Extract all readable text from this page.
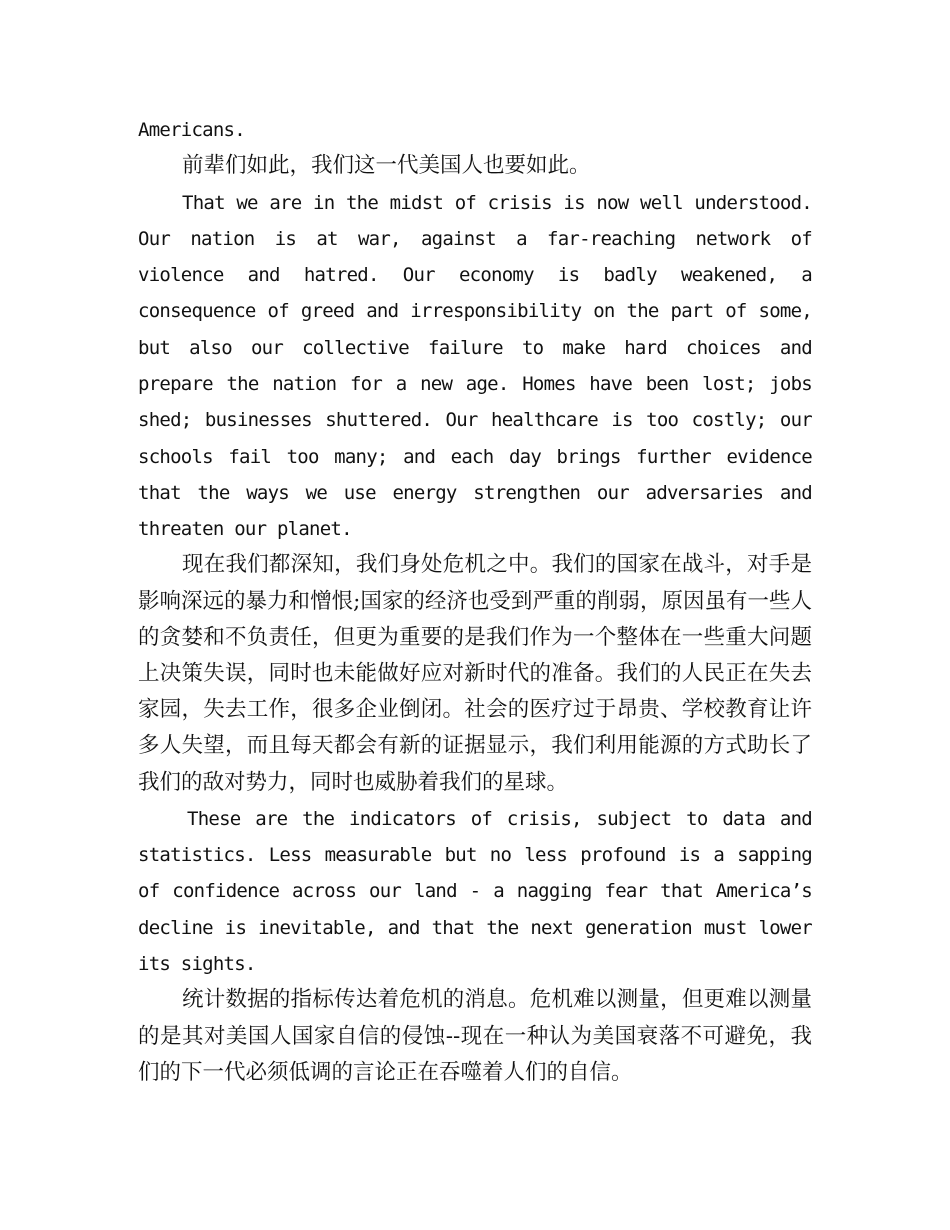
Americans.

前辈们如此，我们这一代美国人也要如此。

That we are in the midst of crisis is now well understood. Our nation is at war, against a far-reaching network of violence and hatred. Our economy is badly weakened, a consequence of greed and irresponsibility on the part of some, but also our collective failure to make hard choices and prepare the nation for a new age. Homes have been lost; jobs shed; businesses shuttered. Our healthcare is too costly; our schools fail too many; and each day brings further evidence that the ways we use energy strengthen our adversaries and threaten our planet.

现在我们都深知，我们身处危机之中。我们的国家在战斗，对手是影响深远的暴力和憎恨;国家的经济也受到严重的削弱，原因虽有一些人的贪婪和不负责任，但更为重要的是我们作为一个整体在一些重大问题上决策失误，同时也未能做好应对新时代的准备。我们的人民正在失去家园，失去工作，很多企业倒闭。社会的医疗过于昂贵、学校教育让许多人失望，而且每天都会有新的证据显示，我们利用能源的方式助长了我们的敌对势力，同时也威胁着我们的星球。

These are the indicators of crisis, subject to data and statistics. Less measurable but no less profound is a sapping of confidence across our land - a nagging fear that America’s decline is inevitable, and that the next generation must lower its sights.

统计数据的指标传达着危机的消息。危机难以测量，但更难以测量的是其对美国人国家自信的侵蚀--现在一种认为美国衰落不可避免，我们的下一代必须低调的言论正在吞噬着人们的自信。
